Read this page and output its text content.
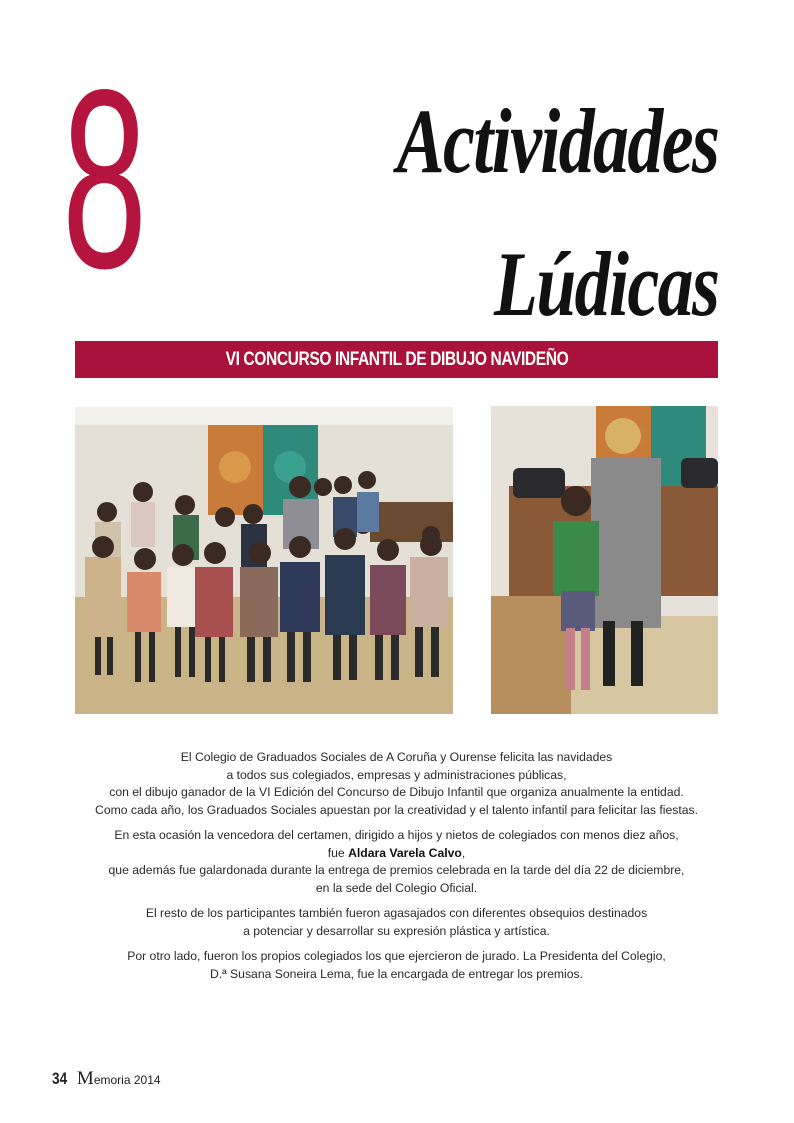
8	Actividades
Lúdicas
VI CONCURSO INFANTIL DE DIBUJO NAVIDEÑO

El Colegio de Graduados Sociales de A Coruña y Ourense felicita las navidades
a todos sus colegiados, empresas y administraciones públicas,
con el dibujo ganador de la VI Edición del Concurso de Dibujo Infantil que organiza anualmente la entidad.
Como cada año, los Graduados Sociales apuestan por la creatividad y el talento infantil para felicitar las fiestas.

En esta ocasión la vencedora del certamen, dirigido a hijos y nietos de colegiados con menos diez años,
fue Aldara Varela Calvo,
que además fue galardonada durante la entrega de premios celebrada en la tarde del día 22 de diciembre,
en la sede del Colegio Oficial.

El resto de los participantes también fueron agasajados con diferentes obsequios destinados
a potenciar y desarrollar su expresión plástica y artística.

Por otro lado, fueron los propios colegiados los que ejercieron de jurado. La Presidenta del Colegio,
D.ª Susana Soneira Lema, fue la encargada de entregar los premios.

34 Memoria 2014
